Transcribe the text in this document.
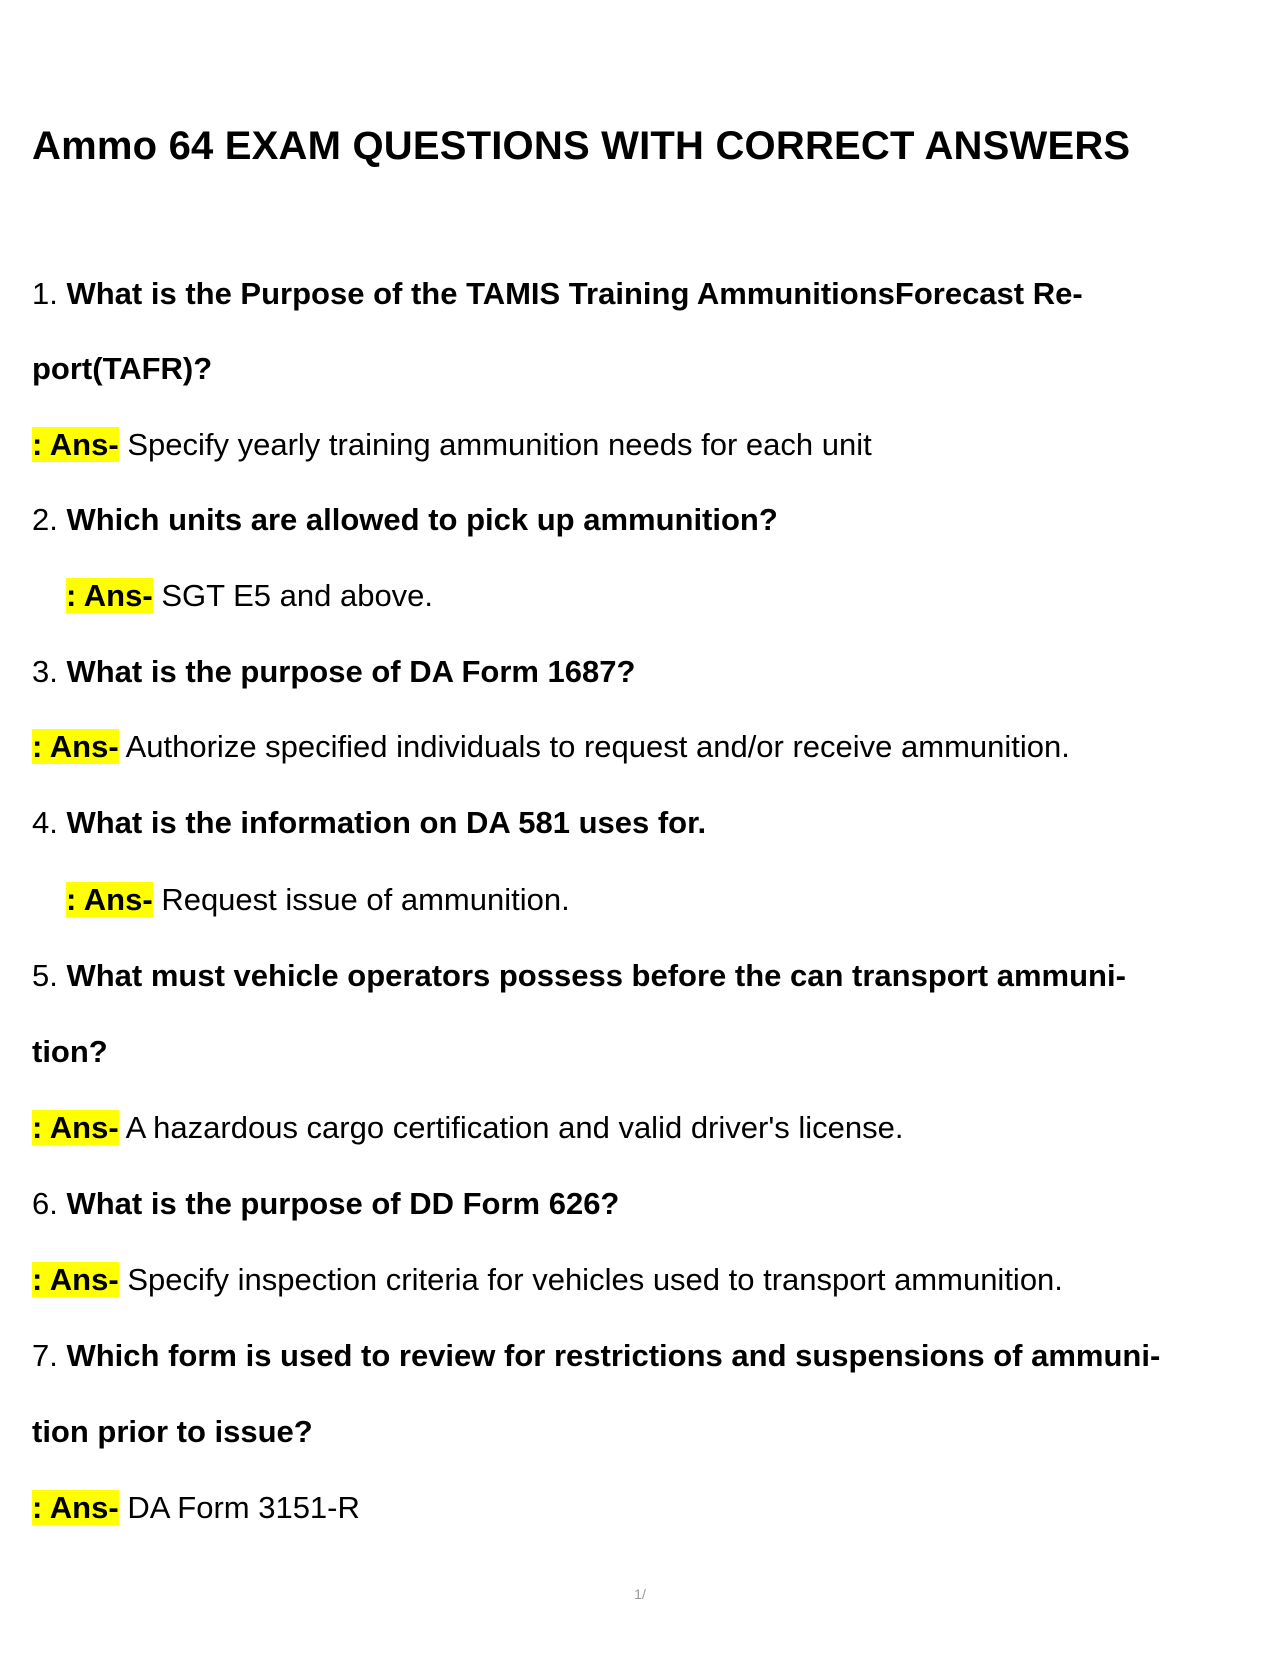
Ammo 64 EXAM QUESTIONS WITH CORRECT ANSWERS
1. What is the Purpose of the TAMIS Training AmmunitionsForecast Re-
port(TAFR)?
: Ans- Specify yearly training ammunition needs for each unit
2. Which units are allowed to pick up ammunition?
: Ans- SGT E5 and above.
3. What is the purpose of DA Form 1687?
: Ans- Authorize specified individuals to request and/or receive ammunition.
4. What is the information on DA 581 uses for.
: Ans- Request issue of ammunition.
5. What must vehicle operators possess before the can transport ammuni-
tion?
: Ans- A hazardous cargo certification and valid driver's license.
6. What is the purpose of DD Form 626?
: Ans- Specify inspection criteria for vehicles used to transport ammunition.
7. Which form is used to review for restrictions and suspensions of ammuni-
tion prior to issue?
: Ans- DA Form 3151-R
1/
